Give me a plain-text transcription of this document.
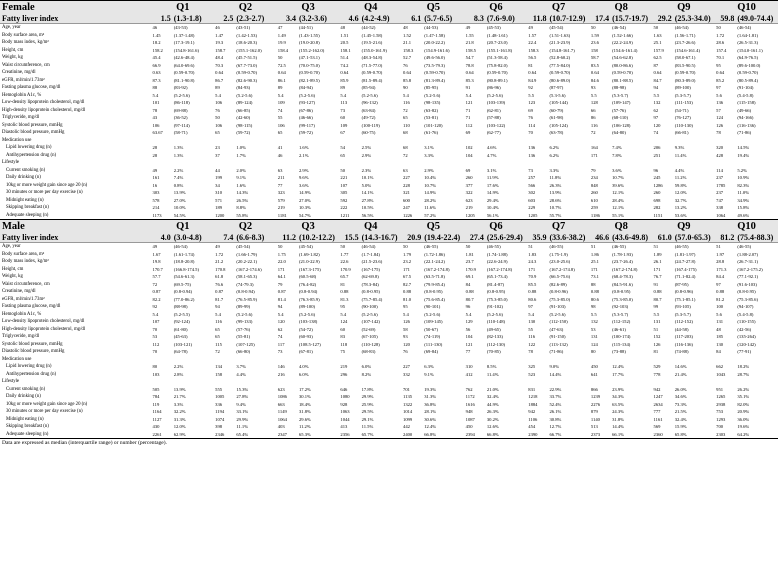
Female	Q1		Q2		Q3		Q4		Q5		Q6		Q7		Q8		Q9		Q10	
Fatty liver index	1.5	(1.3-1.8)	2.5	(2.3-2.7)	3.4	(3.2-3.6)	4.6	(4.2-4.9)	6.1	(5.7-6.5)	8.3	(7.6-9.0)	11.8	(10.7-12.9)	17.4	(15.7-19.7)	29.2	(25.3-34.0)	59.8	(49.0-74.4)
Age, year	46	(43-53)	46	(43-51)	47	(44-51)	48	(44-52)	48	(44-53)	49	(45-53)	49	(45-54)	50	(46-54)	50	(46-54)	50	(46-54)
Body surface area, m²	1.45	(1.37-1.48)	1.47	(1.42-1.53)	1.49	(1.43-1.55)	1.51	(1.45-1.58)	1.52	(1.47-1.58)	1.55	(1.48-1.61)	1.57	(1.51-1.63)	1.59	(1.52-1.66)	1.63	(1.56-1.71)	1.72	(1.64-1.81)
Body mass index, kg/m²	18.2	(17.3-19.1)	19.3	(18.6-20.3)	19.9	(19.0-20.8)	20.5	(19.5-21.6)	21.1	(20.0-22.2)	21.8	(20.7-23.0)	22.4	(21.3-23.9)	23.6	(22.2-24.9)	25.1	(23.7-26.6)	28.6	(26.5-31.3)
Height, cm	158.2	(154.8-161.6)	158.7	(155.1-162.0)	158.4	(155.2-162.0)	158.1	(155.0-161.9)	158.3	(154.9-161.6)	158.5	(155.1-161.8)	158.3	(154.8-161.7)	158	(154.6-161.4)	157.9	(154.6-161.4)	157.4	(154.0-161.1)
Weight, kg	45.4	(42.6-48.4)	48.4	(45.7-51.5)	50	(47.1-53.1)	51.4	(48.3-54.8)	52.7	(49.6-56.0)	54.7	(51.3-58.4)	56.5	(52.8-60.2)	58.7	(54.6-62.8)	62.5	(58.0-67.1)	70.1	(64.9-76.5)
Waist circumference, cm	66.9	(64.0-69.6)	70.3	(67.7-73.0)	72.5	(70.0-75.0)	74.2	(71.5-77.0)	76	(73.5-79.3)	78.8	(75.8-82.0)	81	(77.5-84.0)	83.5	(80.0-86.6)	87	(83.5-90.5)	95	(89.6-100.0)
Creatinine, mg/dl	0.63	(0.59-0.70)	0.64	(0.59-0.70)	0.64	(0.59-0.70)	0.64	(0.59-0.70)	0.64	(0.59-0.70)	0.64	(0.59-0.70)	0.64	(0.59-0.70)	0.64	(0.59-0.70)	0.64	(0.59-0.70)	0.64	(0.59-0.70)
eGFR, ml/min/1.73m²	87.3	(81.1-90.8)	86.7	(82.6-90.3)	86.1	(82.1-89.5)	85.9	(81.5-89.4)	85.8	(81.3-89.4)	85.3	(80.8-89.1)	84.9	(80.6-89.0)	84.6	(80.1-88.5)	84.7	(80.3-89.0)	85.2	(80.5-89.4)
Fasting plasma glucose, mg/dl	88	(83-92)	89	(84-93)	89	(84-94)	89	(85-94)	90	(85-95)	91	(86-96)	92	(87-97)	93	(88-98)	94	(89-100)	97	(91-104)
Hemoglobin A1c, %	5.4	(5.2-5.6)	5.4	(5.2-5.6)	5.4	(5.2-5.6)	5.4	(5.2-5.6)	5.4	(5.2-5.6)	5.4	(5.2-5.6)	5.5	(5.3-5.6)	5.5	(5.3-5.7)	5.5	(5.3-5.7)	5.6	(5.4-5.8)
Low-density lipoprotein cholesterol, mg/dl	101	(86-118)	106	(89-124)	109	(93-127)	113	(96-132)	116	(98-135)	121	(103-139)	123	(105-144)	128	(109-147)	132	(111-153)	136	(115-158)
High-density lipoprotein cholesterol, mg/dl	78	(69-88)	76	(66-85)	74	(67-86)	73	(63-84)	72	(63-82)	71	(62-81)	69	(60-79)	66	(57-76)	62	(54-71)	57	(49-66)
Triglyceride, mg/dl	43	(36-52)	50	(42-60)	55	(46-66)	60	(49-72)	65	(53-81)	71	(57-88)	76	(61-98)	86	(68-110)	97	(76-127)	124	(94-166)
Systolic blood pressure, mmHg	106	(97-114)	106	(98-115)	106	(99-117)	109	(100-119)	110	(101-120)	112	(103-122)	114	(105-124)	116	(106-128)	120	(110-130)	126	(116-136)
Diastolic blood pressure, mmHg	63.67	(58-71)	65	(59-72)	65	(59-72)	67	(60-75)	68	(61-76)	69	(62-77)	70	(63-78)	72	(64-80)	74	(66-81)	78	(71-86)
Medication use																				
Lipid lowering drug (n)	28	1.3%	23	1.0%	41	1.6%	54	2.5%	68	3.1%	102	4.6%	136	6.2%	164	7.4%	206	9.3%	320	14.5%
Antihypertension drug (n)	28	1.3%	37	1.7%	46	2.1%	65	2.9%	72	3.3%	104	4.7%	136	6.2%	171	7.8%	251	11.4%	428	19.4%
Lifestyle																				
Current smoking (n)	49	2.2%	44	2.0%	63	2.9%	50	2.3%	63	2.9%	69	3.1%	73	3.3%	79	3.6%	96	4.4%	114	5.2%
Daily drinking (n)	161	7.4%	199	9.1%	211	9.6%	221	10.1%	227	10.4%	260	11.9%	257	11.8%	234	10.7%	245	11.2%	237	10.9%
10kg or more weight gain since age 20 (n)	16	0.8%	34	1.6%	77	3.6%	107	5.0%	228	10.7%	377	17.6%	566	26.3%	848	39.6%	1286	59.8%	1785	82.3%
30 minutes or more per day exercise (n)	303	13.9%	310	14.3%	323	14.9%	305	14.1%	321	14.9%	322	14.9%	302	13.9%	260	12.1%	260	12.0%	237	11.0%
Midnight eating (n)	578	27.0%	571	26.5%	579	27.0%	592	27.8%	600	28.2%	623	29.4%	603	28.6%	610	28.4%	698	32.7%	747	34.9%
Skipping breakfast (n)	214	10.0%	189	8.8%	219	10.3%	222	10.5%	247	11.6%	219	10.4%	229	10.7%	259	12.1%	282	13.2%	338	15.8%
Adequate sleeping (n)	1173	54.5%	1200	55.8%	1181	54.7%	1211	56.5%	1226	57.2%	1205	56.1%	1205	55.7%	1186	55.1%	1151	53.6%	1064	49.6%
Male	Q1		Q2		Q3		Q4		Q5		Q6		Q7		Q8		Q9		Q10	
Fatty liver index	4.0	(3.0-4.8)	7.4	(6.6-8.3)	11.2	(10.2-12.2)	15.5	(14.3-16.7)	20.9	(19.4-22.4)	27.4	(25.6-29.4)	35.9	(33.6-38.2)	46.6	(43.6-49.8)	61.0	(57.0-65.3)	81.2	(75.4-88.3)
Age, year	49	(46-54)	49	(45-54)	50	(45-54)	50	(46-54)	50	(46-55)	50	(46-55)	51	(46-55)	51	(46-55)	51	(46-55)	51	(46-55)
Body surface area, m²	1.67	(1.61-1.74)	1.72	(1.66-1.79)	1.75	(1.69-1.82)	1.77	(1.7-1.84)	1.79	(1.72-1.86)	1.81	(1.74-1.88)	1.83	(1.75-1.9)	1.86	(1.78-1.93)	1.89	(1.81-1.97)	1.97	(1.88-2.07)
Body mass index, kg/m²	19.8	(18.8-20.8)	21.2	(20.2-22.1)	22.0	(21.0-22.9)	22.6	(21.5-23.6)	23.2	(22.1-24.2)	23.7	(22.6-24.9)	24.3	(23.0-25.6)	25.1	(23.7-26.4)	26.1	(24.7-27.8)	28.8	(26.7-31.1)
Height, cm	170.7	(166.8-174.5)	170.8	(167.2-174.6)	171	(167.3-175)	170.9	(167-175)	171	(167.2-174.8)	170.9	(167.2-174.8)	171	(167.2-174.8)	171	(167.2-174.8)	171	(167.4-175)	171.3	(167.2-175.2)
Weight, kg	57.7	(54.6-61.3)	61.8	(58.1-65.3)	64.1	(60.5-68)	65.7	(62-69.8)	67.5	(63.5-71.8)	69.1	(65.1-73.4)	70.9	(66.5-75.6)	73.1	(68.4-78.3)	76.7	(71.1-82.4)	84.4	(77.1-92.1)
Waist circumference, cm	72	(69.5-75)	76.6	(74-79.3)	79	(76.4-82)	81	(78.3-84)	82.7	(79.9-85.4)	84	(81.4-87)	85.5	(82.6-89)	88	(84.5-91.6)	91	(87-95)	97	(91.6-103)
Creatinine, mg/dl	0.87	(0.8-0.94)	0.87	(0.8-0.94)	0.87	(0.8-0.94)	0.88	(0.8-0.95)	0.88	(0.8-0.95)	0.88	(0.8-0.95)	0.88	(0.8-0.96)	0.88	(0.8-0.95)	0.88	(0.8-0.96)	0.88	(0.8-0.95)
eGFR, ml/min/1.73m²	82.2	(77.0-86.2)	81.7	(76.5-85.9)	81.4	(76.3-85.9)	81.3	(75.7-85.4)	81.0	(75.6-85.4)	80.7	(75.3-85.0)	80.6	(75.3-85.0)	80.6	(75.3-85.0)	80.7	(75.1-85.1)	81.2	(75.3-85.6)
Fasting plasma glucose, mg/dl	92	(88-98)	94	(89-99)	94	(89-100)	95	(90-100)	95	(90-101)	96	(91-102)	97	(91-103)	98	(92-103)	99	(93-105)	100	(94-107)
Hemoglobin A1c, %	5.4	(5.2-5.5)	5.4	(5.2-5.6)	5.4	(5.2-5.6)	5.4	(5.2-5.6)	5.4	(5.2-5.6)	5.4	(5.2-5.6)	5.4	(5.2-5.6)	5.5	(5.3-5.7)	5.5	(5.3-5.7)	5.6	(5.4-5.8)
Low-density lipoprotein cholesterol, mg/dl	107	(92-124)	116	(99-133)	120	(103-138)	124	(107-142)	126	(109-145)	129	(110-148)	130	(112-150)	132	(112-152)	131	(112-152)	131	(110-155)
High-density lipoprotein cholesterol, mg/dl	70	(61-80)	65	(57-76)	62	(54-72)	60	(52-69)	58	(50-67)	56	(49-65)	55	(47-63)	53	(46-61)	51	(44-58)	48	(42-56)
Triglyceride, mg/dl	53	(45-63)	65	(55-81)	74	(60-93)	83	(67-105)	93	(74-119)	104	(82-133)	116	(91-150)	131	(100-174)	152	(117-203)	185	(135-264)
Systolic blood pressure, mmHg	112	(103-121)	115	(107-125)	117	(108.5-127)	118	(110-128)	120	(111-130)	121	(112-130)	122	(113-132)	124	(115-134)	126	(116-136)	130	(120-142)
Diastolic blood pressure, mmHg	70	(64-78)	72	(66-80)	73	(67-81)	75	(68-83)	76	(69-84)	77	(70-85)	78	(71-86)	80	(73-88)	81	(74-88)	84	(77-91)
Medication use																				
Lipid lowering drug (n)	80	2.2%	134	3.7%	146	4.0%	219	6.0%	227	6.3%	310	8.5%	325	9.0%	450	12.4%	529	14.6%	662	18.2%
Antihypertension drug (n)	103	2.8%	158	4.4%	216	6.0%	296	8.2%	332	9.1%	412	11.4%	523	14.4%	641	17.7%	778	21.4%	1043	28.7%
Lifestyle																				
Current smoking (n)	505	13.9%	555	15.3%	623	17.2%	646	17.8%	701	19.3%	762	21.0%	831	22.9%	866	23.9%	942	26.0%	951	26.2%
Daily drinking (n)	784	21.7%	1005	27.8%	1086	30.1%	1080	29.9%	1135	31.3%	1172	32.4%	1218	33.7%	1239	34.3%	1247	34.6%	1265	35.1%
10kg or more weight gain since age 20 (n)	119	3.3%	336	9.4%	663	18.4%	928	25.9%	1322	36.8%	1616	44.9%	1884	52.4%	2276	63.5%	2634	73.3%	2938	82.0%
30 minutes or more per day exercise (n)	1164	32.2%	1194	33.1%	1149	31.8%	1063	29.5%	1014	28.1%	948	26.3%	942	26.1%	879	24.3%	777	21.5%	753	20.9%
Midnight eating (n)	1127	31.3%	1074	29.9%	1064	29.6%	1044	29.1%	1099	30.6%	1087	30.2%	1106	30.8%	1140	31.8%	1161	32.4%	1293	36.0%
Skipping breakfast (n)	430	12.0%	398	11.1%	403	11.2%	413	11.5%	442	12.4%	450	12.6%	454	12.7%	513	14.4%	569	15.9%	700	19.6%
Adequate sleeping (n)	2261	62.9%	2346	65.4%	2347	65.3%	2356	65.7%	2400	66.8%	2394	66.8%	2390	66.7%	2373	66.1%	2360	65.8%	2303	64.2%
Data are expressed as median (interquartile range) or number (percentage).
